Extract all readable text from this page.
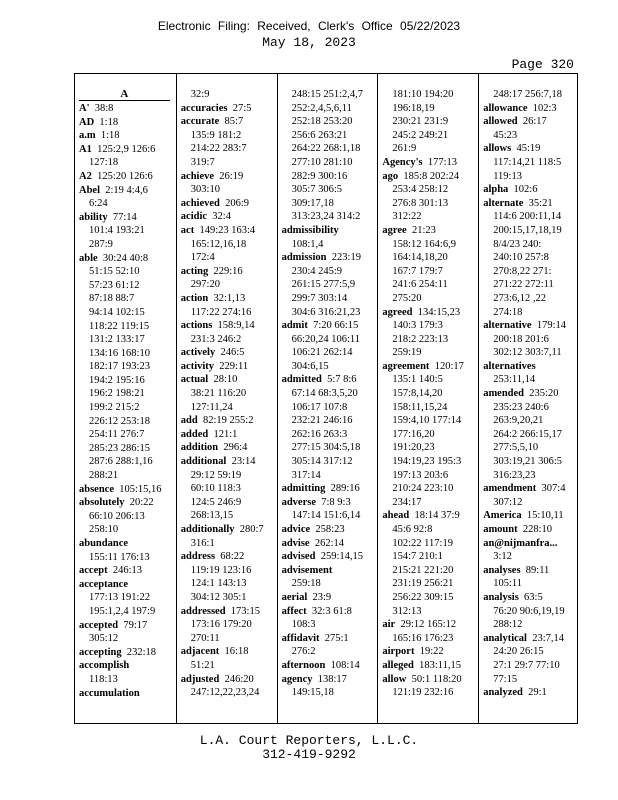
Electronic Filing: Received, Clerk's Office 05/22/2023
May 18, 2023
Page 320
A
A' 38:8
AD 1:18
a.m 1:18
A1 125:2,9 126:6
127:18
A2 125:20 126:6
Abel 2:19 4:4,6
6:24
ability 77:14
101:4 193:21
287:9
able 30:24 40:8
51:15 52:10
57:23 61:12
87:18 88:7
94:14 102:15
118:22 119:15
131:2 133:17
134:16 168:10
182:17 193:23
194:2 195:16
196:2 198:21
199:2 215:2
226:12 253:18
254:11 276:7
285:23 286:15
287:6 288:1,16
288:21
absence 105:15,16
absolutely 20:22
66:10 206:13
258:10
abundance
155:11 176:13
accept 246:13
acceptance
177:13 191:22
195:1,2,4 197:9
accepted 79:17
305:12
accepting 232:18
accomplish
118:13
accumulation
32:9
accuracies 27:5
accurate 85:7
135:9 181:2
214:22 283:7
319:7
achieve 26:19
303:10
achieved 206:9
acidic 32:4
act 149:23 163:4
165:12,16,18
172:4
acting 229:16
297:20
action 32:1,13
117:22 274:16
actions 158:9,14
231:3 246:2
actively 246:5
activity 229:11
actual 28:10
38:21 116:20
127:11,24
add 82:19 255:2
added 121:1
addition 296:4
additional 23:14
29:12 59:19
60:10 118:3
124:5 246:9
268:13,15
additionally 280:7
316:1
address 68:22
119:19 123:16
124:1 143:13
304:12 305:1
addressed 173:15
173:16 179:20
270:11
adjacent 16:18
51:21
adjusted 246:20
247:12,22,23,24
248:15 251:2,4,7
252:2,4,5,6,11
252:18 253:20
256:6 263:21
264:22 268:1,18
277:10 281:10
282:9 300:16
305:7 306:5
309:17,18
313:23,24 314:2
admissibility
108:1,4
admission 223:19
230:4 245:9
261:15 277:5,9
299:7 303:14
304:6 316:21,23
admit 7:20 66:15
66:20,24 106:11
106:21 262:14
304:6,15
admitted 5:7 8:6
67:14 68:3,5,20
106:17 107:8
232:21 246:16
262:16 263:3
277:15 304:5,18
305:14 317:12
317:14
admitting 289:16
adverse 7:8 9:3
147:14 151:6,14
advice 258:23
advise 262:14
advised 259:14,15
advisement
259:18
aerial 23:9
affect 32:3 61:8
108:3
affidavit 275:1
276:2
afternoon 108:14
agency 138:17
149:15,18
181:10 194:20
196:18,19
230:21 231:9
245:2 249:21
261:9
Agency's 177:13
ago 185:8 202:24
253:4 258:12
276:8 301:13
312:22
agree 21:23
158:12 164:6,9
164:14,18,20
167:7 179:7
241:6 254:11
275:20
agreed 134:15,23
140:3 179:3
218:2 223:13
259:19
agreement 120:17
135:1 140:5
157:8,14,20
158:11,15,24
159:4,10 177:14
177:16,20
191:20,23
194:19,23 195:3
197:13 203:6
210:24 223:10
234:17
ahead 18:14 37:9
45:6 92:8
102:22 117:19
154:7 210:1
215:21 221:20
231:19 256:21
256:22 309:15
312:13
air 29:12 165:12
165:16 176:23
airport 19:22
alleged 183:11,15
allow 50:1 118:20
121:19 232:16
248:17 256:7,18
allowance 102:3
allowed 26:17
45:23
allows 45:19
117:14,21 118:5
119:13
alpha 102:6
alternate 35:21
114:6 200:11,14
200:15,17,18,19
8/4/23 240:
240:10 257:8
270:8,22 271:
271:22 272:11
273:6,12 ,22
274:18
alternative 179:14
200:18 201:6
302:12 303:7,11
alternatives
253:11,14
amended 235:20
235:23 240:6
263:9,20,21
264:2 266:15,17
277:5,5,10
303:19,21 306:5
316:23,23
amendment 307:4
307:12
America 15:10,11
amount 228:10
an@nijmanfra...
3:12
analyses 89:11
105:11
analysis 63:5
76:20 90:6,19,19
288:12
analytical 23:7,14
24:20 26:15
27:1 29:7 77:10
77:15
analyzed 29:1
L.A. Court Reporters, L.L.C.
312-419-9292
